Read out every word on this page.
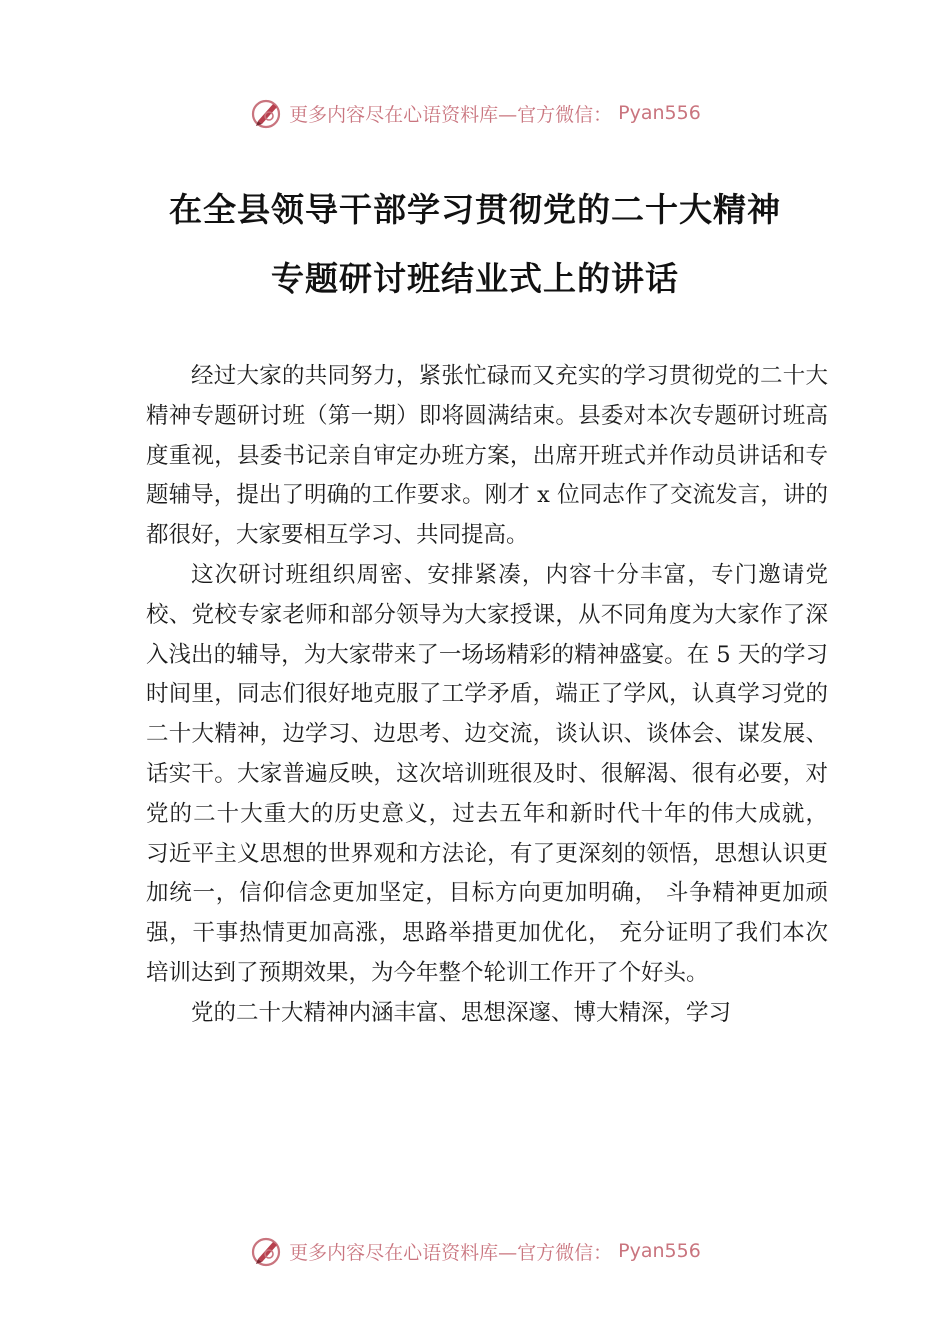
更多内容尽在心语资料库—官方微信： Pyan556
在全县领导干部学习贯彻党的二十大精神
专题研讨班结业式上的讲话

经过大家的共同努力，紧张忙碌而又充实的学习贯彻党的二十大精神专题研讨班（第一期）即将圆满结束。县委对本次专题研讨班高度重视，县委书记亲自审定办班方案，出席开班式并作动员讲话和专题辅导，提出了明确的工作要求。刚才 x 位同志作了交流发言，讲的都很好，大家要相互学习、共同提高。

这次研讨班组织周密、安排紧凑，内容十分丰富，专门邀请党校、党校专家老师和部分领导为大家授课，从不同角度为大家作了深入浅出的辅导，为大家带来了一场场精彩的精神盛宴。在 5 天的学习时间里，同志们很好地克服了工学矛盾，端正了学风，认真学习党的二十大精神，边学习、边思考、边交流，谈认识、谈体会、谋发展、话实干。大家普遍反映，这次培训班很及时、很解渴、很有必要，对党的二十大重大的历史意义，过去五年和新时代十年的伟大成就， 习近平主义思想的世界观和方法论，有了更深刻的领悟，思想认识更加统一，信仰信念更加坚定，目标方向更加明确， 斗争精神更加顽强，干事热情更加高涨，思路举措更加优化， 充分证明了我们本次培训达到了预期效果，为今年整个轮训工作开了个好头。

党的二十大精神内涵丰富、思想深邃、博大精深，学习

更多内容尽在心语资料库—官方微信： Pyan556
